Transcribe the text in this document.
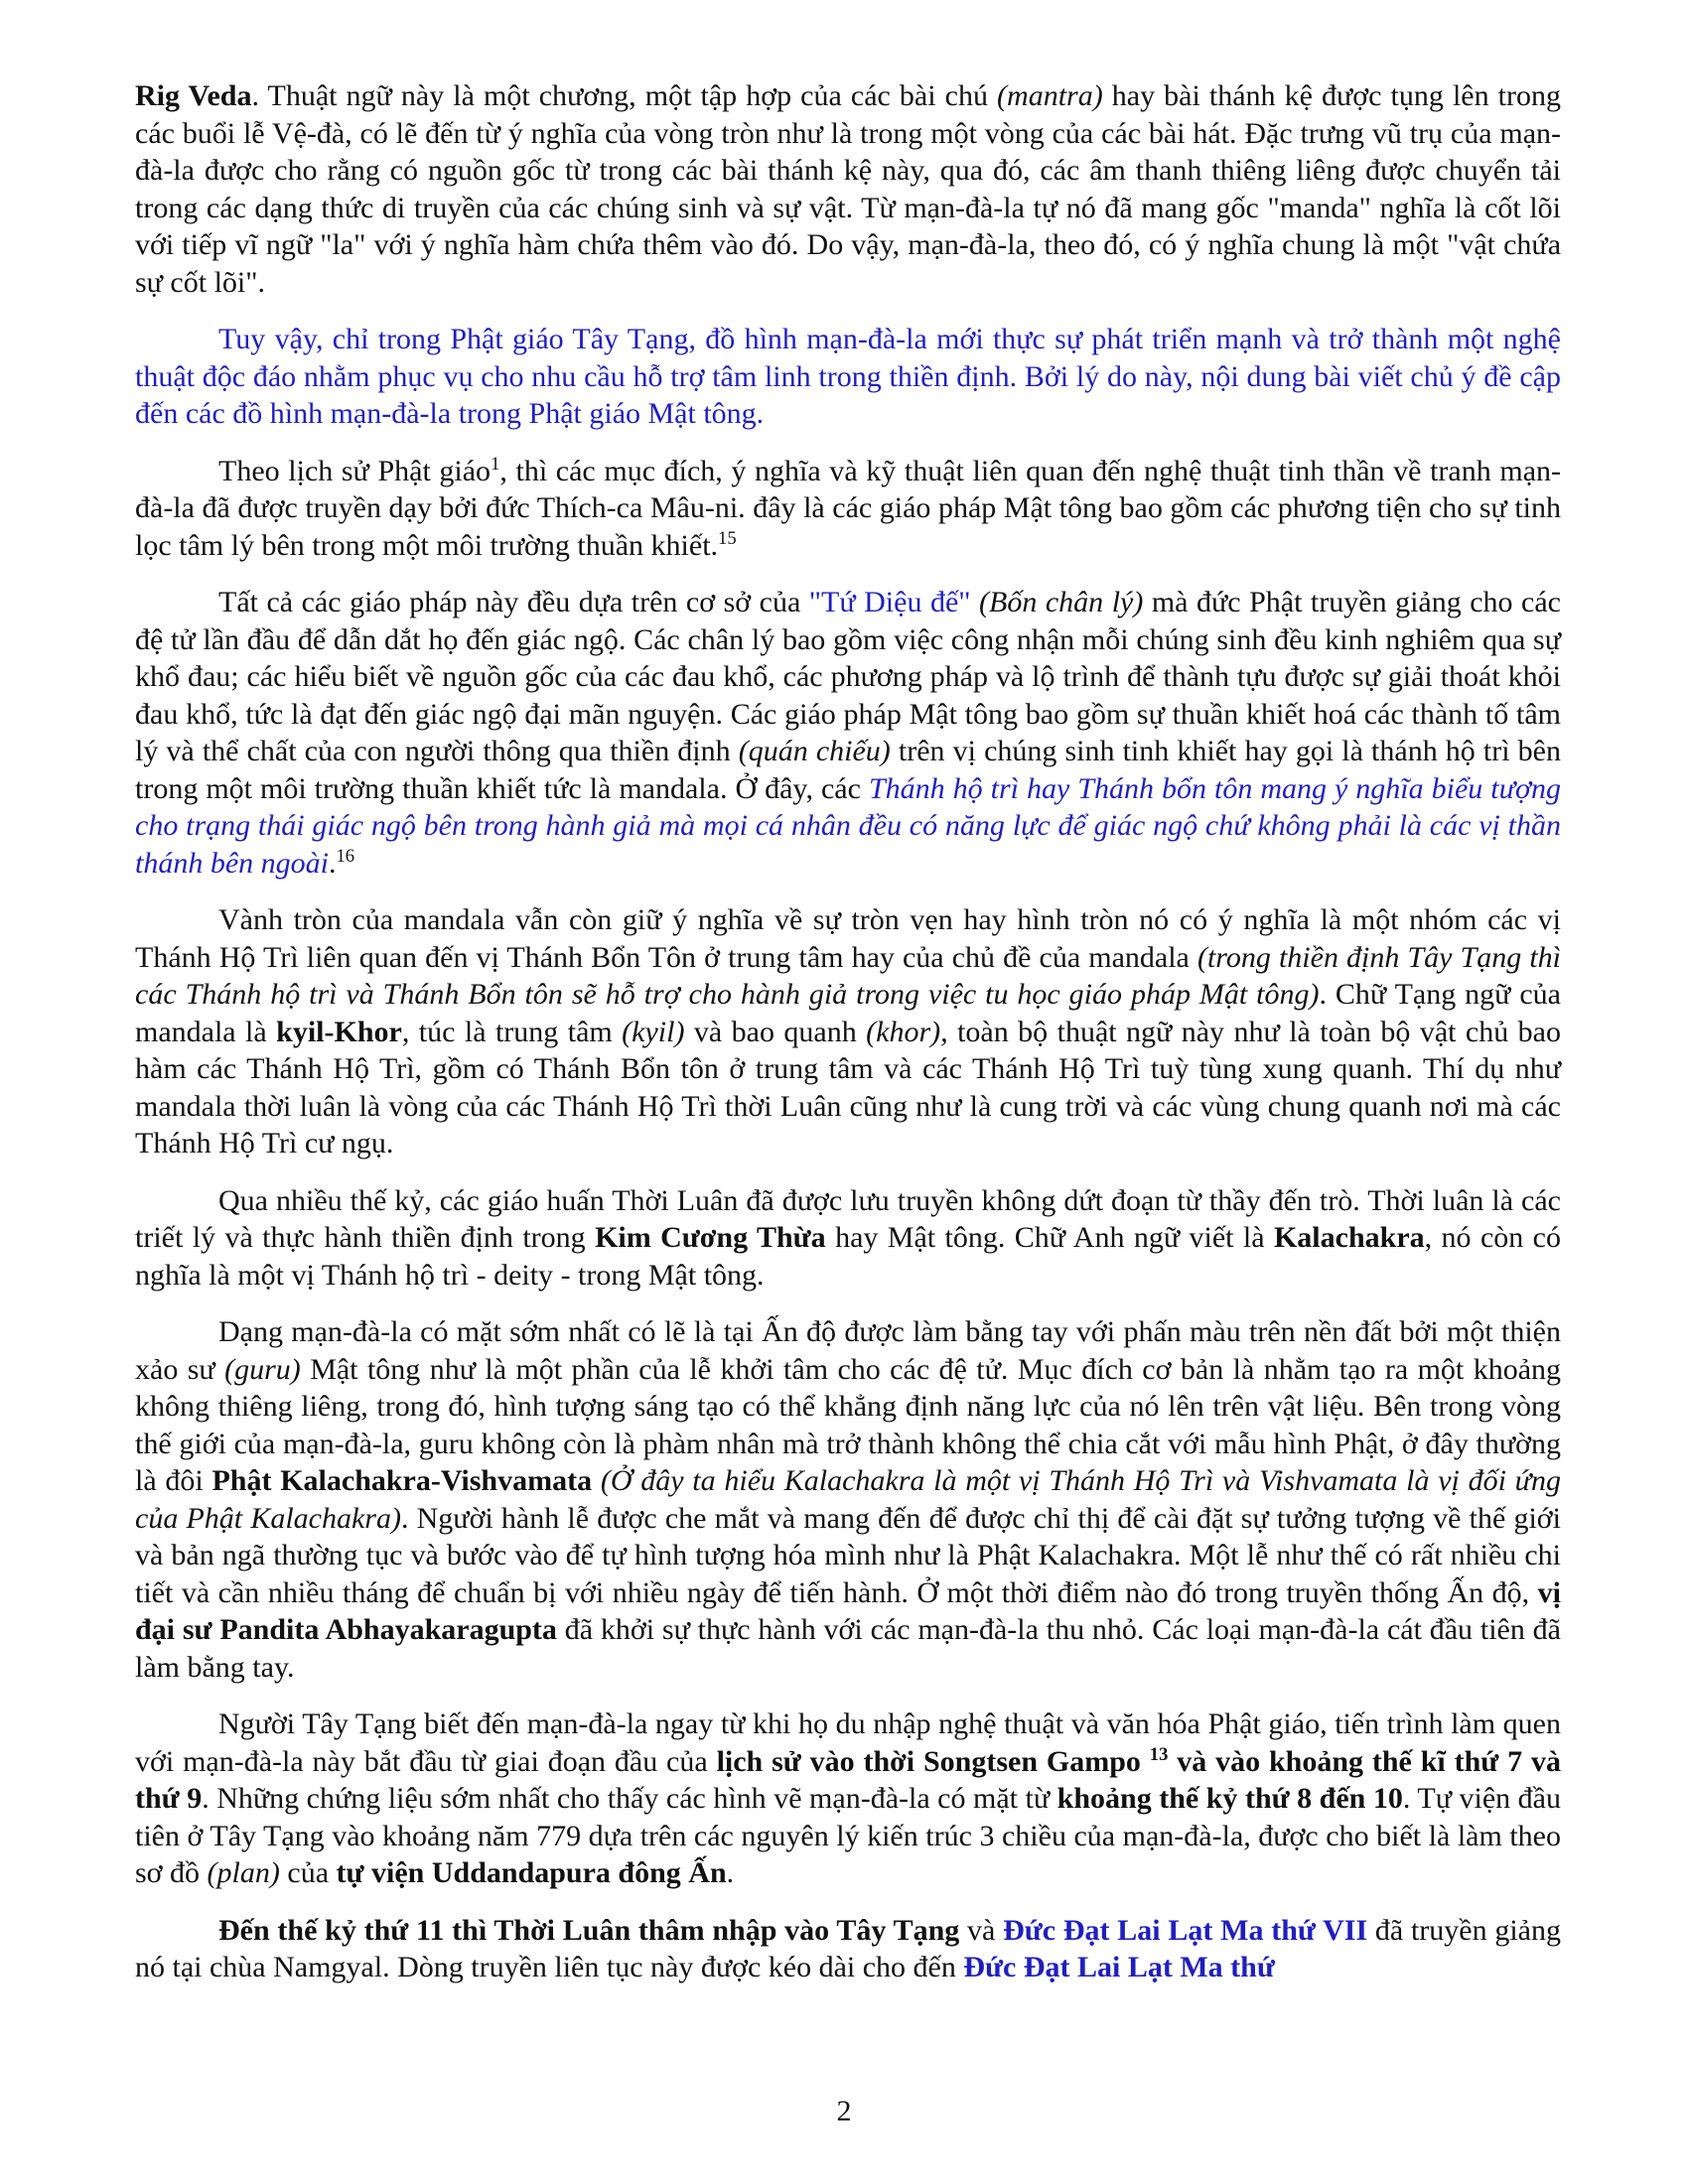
Rig Veda. Thuật ngữ này là một chương, một tập hợp của các bài chú (mantra) hay bài thánh kệ được tụng lên trong các buổi lễ Vệ-đà, có lẽ đến từ ý nghĩa của vòng tròn như là trong một vòng của các bài hát. Đặc trưng vũ trụ của mạn-đà-la được cho rằng có nguồn gốc từ trong các bài thánh kệ này, qua đó, các âm thanh thiêng liêng được chuyển tải trong các dạng thức di truyền của các chúng sinh và sự vật. Từ mạn-đà-la tự nó đã mang gốc "manda" nghĩa là cốt lõi với tiếp vĩ ngữ "la" với ý nghĩa hàm chứa thêm vào đó. Do vậy, mạn-đà-la, theo đó, có ý nghĩa chung là một "vật chứa sự cốt lõi".

Tuy vậy, chỉ trong Phật giáo Tây Tạng, đồ hình mạn-đà-la mới thực sự phát triển mạnh và trở thành một nghệ thuật độc đáo nhằm phục vụ cho nhu cầu hỗ trợ tâm linh trong thiền định. Bởi lý do này, nội dung bài viết chủ ý đề cập đến các đồ hình mạn-đà-la trong Phật giáo Mật tông.

Theo lịch sử Phật giáo$^1$, thì các mục đích, ý nghĩa và kỹ thuật liên quan đến nghệ thuật tinh thần về tranh mạn-đà-la đã được truyền dạy bởi đức Thích-ca Mâu-ni. đây là các giáo pháp Mật tông bao gồm các phương tiện cho sự tinh lọc tâm lý bên trong một môi trường thuần khiết.$^{15}$

Tất cả các giáo pháp này đều dựa trên cơ sở của "Tứ Diệu đế" (Bốn chân lý) mà đức Phật truyền giảng cho các đệ tử lần đầu để dẫn dắt họ đến giác ngộ. Các chân lý bao gồm việc công nhận mỗi chúng sinh đều kinh nghiêm qua sự khổ đau; các hiểu biết về nguồn gốc của các đau khổ, các phương pháp và lộ trình để thành tựu được sự giải thoát khỏi đau khổ, tức là đạt đến giác ngộ đại mãn nguyện. Các giáo pháp Mật tông bao gồm sự thuần khiết hoá các thành tố tâm lý và thể chất của con người thông qua thiền định (quán chiếu) trên vị chúng sinh tinh khiết hay gọi là thánh hộ trì bên trong một môi trường thuần khiết tức là mandala. Ở đây, các Thánh hộ trì hay Thánh bổn tôn mang ý nghĩa biểu tượng cho trạng thái giác ngộ bên trong hành giả mà mọi cá nhân đều có năng lực để giác ngộ chứ không phải là các vị thần thánh bên ngoài.$^{16}$

Vành tròn của mandala vẫn còn giữ ý nghĩa về sự tròn vẹn hay hình tròn nó có ý nghĩa là một nhóm các vị Thánh Hộ Trì liên quan đến vị Thánh Bổn Tôn ở trung tâm hay của chủ đề của mandala (trong thiền định Tây Tạng thì các Thánh hộ trì và Thánh Bổn tôn sẽ hỗ trợ cho hành giả trong việc tu học giáo pháp Mật tông). Chữ Tạng ngữ của mandala là kyil-Khor, túc là trung tâm (kyil) và bao quanh (khor), toàn bộ thuật ngữ này như là toàn bộ vật chủ bao hàm các Thánh Hộ Trì, gồm có Thánh Bổn tôn ở trung tâm và các Thánh Hộ Trì tuỳ tùng xung quanh. Thí dụ như mandala thời luân là vòng của các Thánh Hộ Trì thời Luân cũng như là cung trời và các vùng chung quanh nơi mà các Thánh Hộ Trì cư ngụ.

Qua nhiều thế kỷ, các giáo huấn Thời Luân đã được lưu truyền không dứt đoạn từ thầy đến trò. Thời luân là các triết lý và thực hành thiền định trong Kim Cương Thừa hay Mật tông. Chữ Anh ngữ viết là Kalachakra, nó còn có nghĩa là một vị Thánh hộ trì - deity - trong Mật tông.

Dạng mạn-đà-la có mặt sớm nhất có lẽ là tại Ấn độ được làm bằng tay với phấn màu trên nền đất bởi một thiện xảo sư (guru) Mật tông như là một phần của lễ khởi tâm cho các đệ tử. Mục đích cơ bản là nhằm tạo ra một khoảng không thiêng liêng, trong đó, hình tượng sáng tạo có thể khẳng định năng lực của nó lên trên vật liệu. Bên trong vòng thế giới của mạn-đà-la, guru không còn là phàm nhân mà trở thành không thể chia cắt với mẫu hình Phật, ở đây thường là đôi Phật Kalachakra-Vishvamata (Ở đây ta hiểu Kalachakra là một vị Thánh Hộ Trì và Vishvamata là vị đối ứng của Phật Kalachakra). Người hành lễ được che mắt và mang đến để được chỉ thị để cài đặt sự tưởng tượng về thế giới và bản ngã thường tục và bước vào để tự hình tượng hóa mình như là Phật Kalachakra. Một lễ như thế có rất nhiều chi tiết và cần nhiều tháng để chuẩn bị với nhiều ngày để tiến hành. Ở một thời điểm nào đó trong truyền thống Ấn độ, vị đại sư Pandita Abhayakaragupta đã khởi sự thực hành với các mạn-đà-la thu nhỏ. Các loại mạn-đà-la cát đầu tiên đã làm bằng tay.

Người Tây Tạng biết đến mạn-đà-la ngay từ khi họ du nhập nghệ thuật và văn hóa Phật giáo, tiến trình làm quen với mạn-đà-la này bắt đầu từ giai đoạn đầu của lịch sử vào thời Songtsen Gampo $^{13}$ và vào khoảng thế kĩ thứ 7 và thứ 9. Những chứng liệu sớm nhất cho thấy các hình vẽ mạn-đà-la có mặt từ khoảng thế kỷ thứ 8 đến 10. Tự viện đầu tiên ở Tây Tạng vào khoảng năm 779 dựa trên các nguyên lý kiến trúc 3 chiều của mạn-đà-la, được cho biết là làm theo sơ đồ (plan) của tự viện Uddandapura đông Ấn.

Đến thế kỷ thứ 11 thì Thời Luân thâm nhập vào Tây Tạng và Đức Đạt Lai Lạt Ma thứ VII đã truyền giảng nó tại chùa Namgyal. Dòng truyền liên tục này được kéo dài cho đến Đức Đạt Lai Lạt Ma thứ

2
